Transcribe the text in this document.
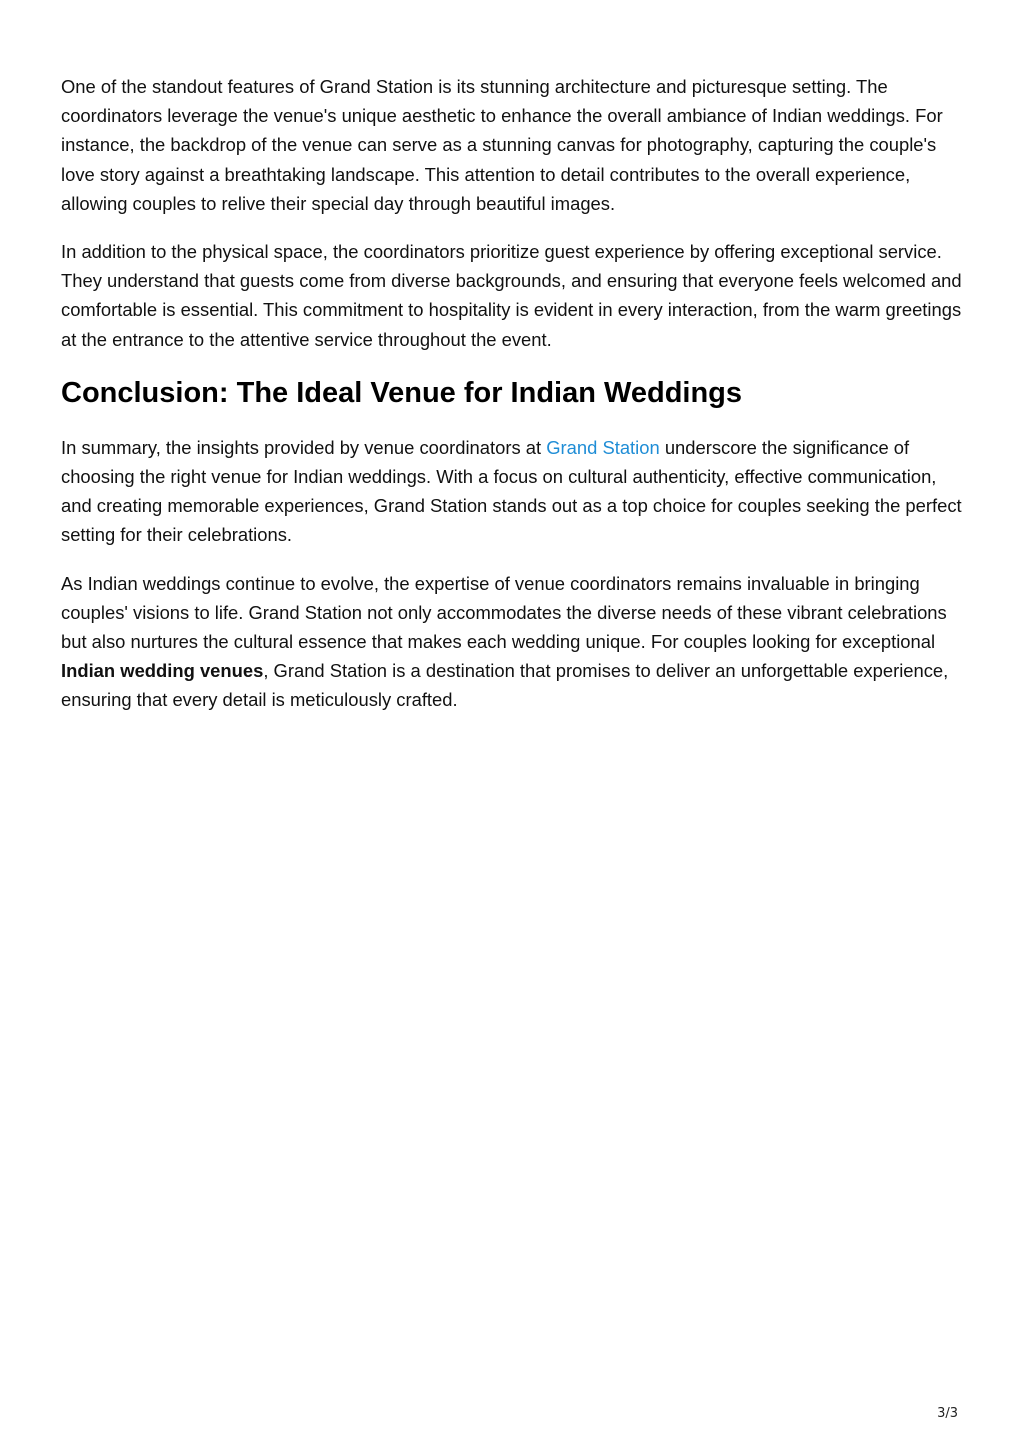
One of the standout features of Grand Station is its stunning architecture and picturesque setting. The coordinators leverage the venue's unique aesthetic to enhance the overall ambiance of Indian weddings. For instance, the backdrop of the venue can serve as a stunning canvas for photography, capturing the couple's love story against a breathtaking landscape. This attention to detail contributes to the overall experience, allowing couples to relive their special day through beautiful images.

In addition to the physical space, the coordinators prioritize guest experience by offering exceptional service. They understand that guests come from diverse backgrounds, and ensuring that everyone feels welcomed and comfortable is essential. This commitment to hospitality is evident in every interaction, from the warm greetings at the entrance to the attentive service throughout the event.

Conclusion: The Ideal Venue for Indian Weddings

In summary, the insights provided by venue coordinators at Grand Station underscore the significance of choosing the right venue for Indian weddings. With a focus on cultural authenticity, effective communication, and creating memorable experiences, Grand Station stands out as a top choice for couples seeking the perfect setting for their celebrations.

As Indian weddings continue to evolve, the expertise of venue coordinators remains invaluable in bringing couples' visions to life. Grand Station not only accommodates the diverse needs of these vibrant celebrations but also nurtures the cultural essence that makes each wedding unique. For couples looking for exceptional Indian wedding venues, Grand Station is a destination that promises to deliver an unforgettable experience, ensuring that every detail is meticulously crafted.

3/3
